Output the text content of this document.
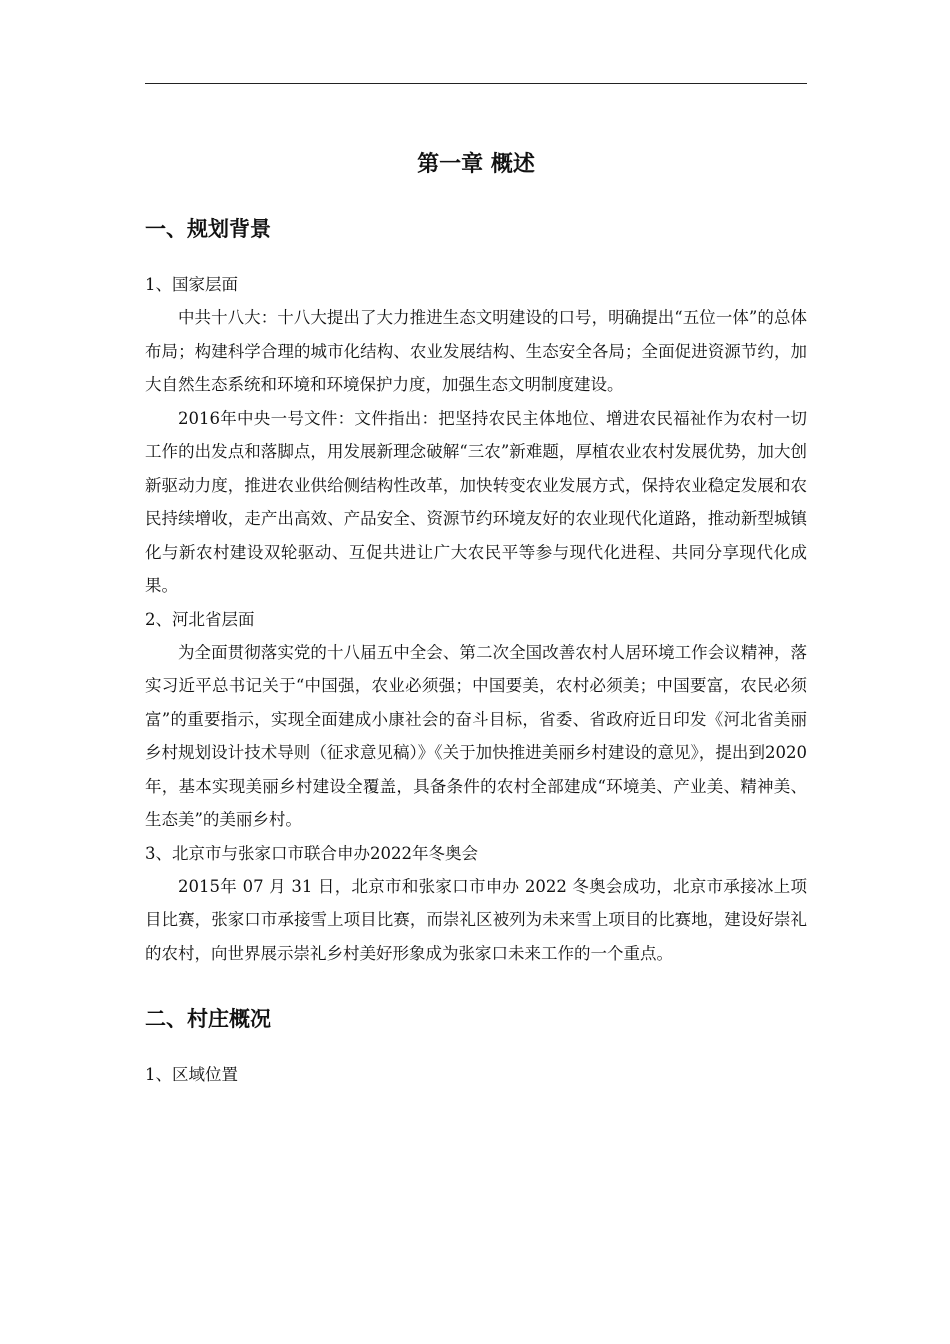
第一章 概述
一、规划背景

1、国家层面

中共十八大：十八大提出了大力推进生态文明建设的口号，明确提出“五位一体”的总体布局；构建科学合理的城市化结构、农业发展结构、生态安全各局；全面促进资源节约，加大自然生态系统和环境和环境保护力度，加强生态文明制度建设。

2016年中央一号文件：文件指出：把坚持农民主体地位、增进农民福祉作为农村一切工作的出发点和落脚点，用发展新理念破解“三农”新难题，厚植农业农村发展优势，加大创新驱动力度，推进农业供给侧结构性改革，加快转变农业发展方式，保持农业稳定发展和农民持续增收，走产出高效、产品安全、资源节约环境友好的农业现代化道路，推动新型城镇化与新农村建设双轮驱动、互促共进让广大农民平等参与现代化进程、共同分享现代化成果。

2、河北省层面

为全面贯彻落实党的十八届五中全会、第二次全国改善农村人居环境工作会议精神，落实习近平总书记关于“中国强，农业必须强；中国要美，农村必须美；中国要富，农民必须富”的重要指示，实现全面建成小康社会的奋斗目标，省委、省政府近日印发《河北省美丽乡村规划设计技术导则（征求意见稿）》《关于加快推进美丽乡村建设的意见》，提出到2020年，基本实现美丽乡村建设全覆盖，具备条件的农村全部建成“环境美、产业美、精神美、生态美”的美丽乡村。

3、北京市与张家口市联合申办2022年冬奥会

2015年 07 月 31 日，北京市和张家口市申办 2022 冬奥会成功，北京市承接冰上项目比赛，张家口市承接雪上项目比赛，而崇礼区被列为未来雪上项目的比赛地，建设好崇礼的农村，向世界展示崇礼乡村美好形象成为张家口未来工作的一个重点。

二、村庄概况

1、区域位置
